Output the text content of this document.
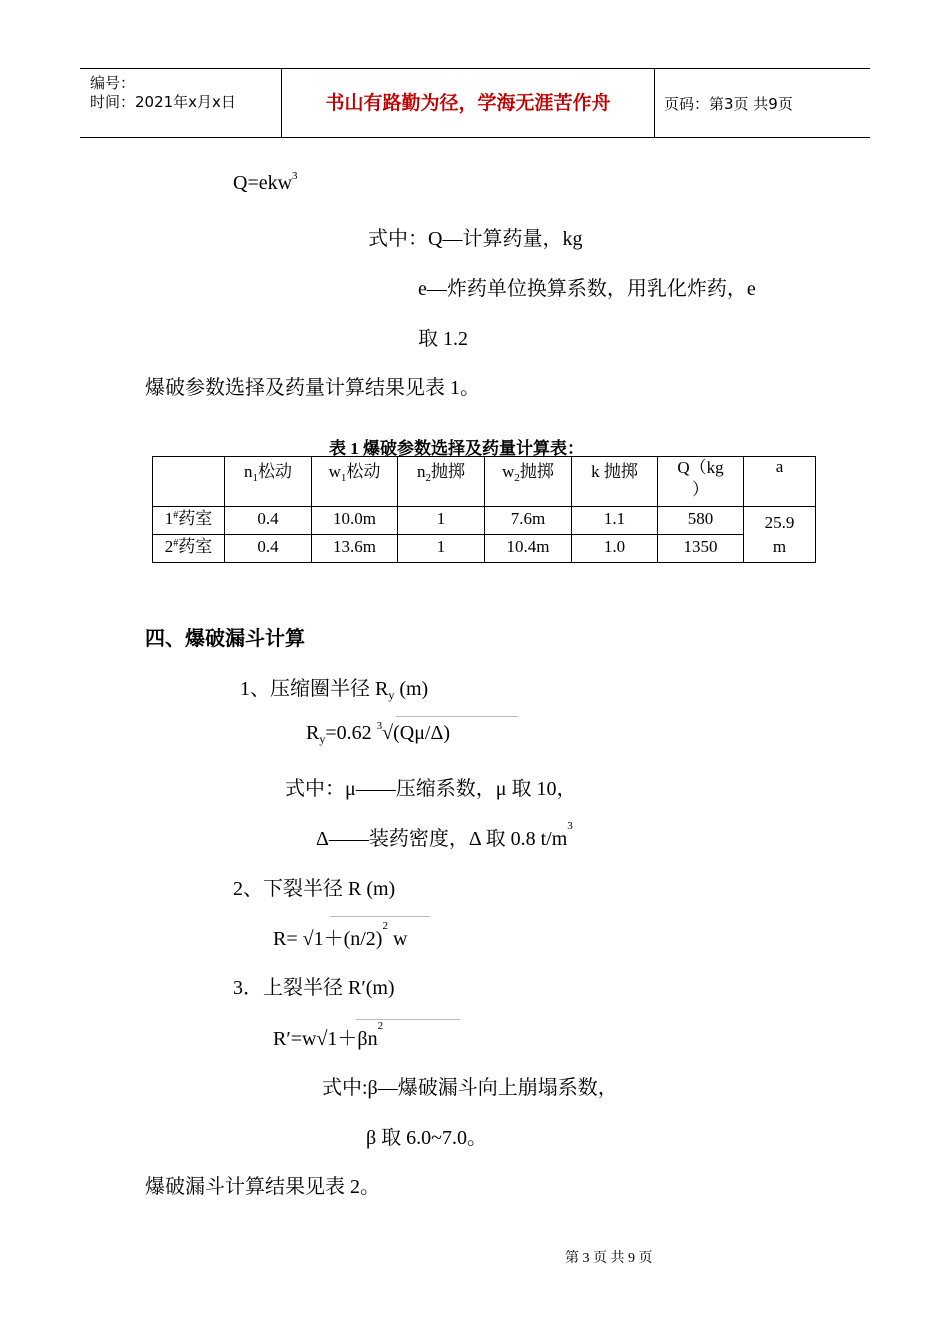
编号：
时间：2021年x月x日	书山有路勤为径，学海无涯苦作舟	页码：第3页 共9页
Q=ekw$^3$
式中：Q—计算药量，kg
e—炸药单位换算系数，用乳化炸药，e
取 1.2
爆破参数选择及药量计算结果见表 1。
表 1 爆破参数选择及药量计算表：
	$n_1$松动	$w_1$松动	$n_2$抛掷	$w_2$抛掷	k 抛掷	Q（kg
）	a
1#药室	0.4	10.0m	1	7.6m	1.1	580	25.9
m

2#药室	0.4	13.6m	1	10.4m	1.0	1350	
四、爆破漏斗计算
1、压缩圈半径 $R_y$ (m)
$R_y=0.62$ $^3$√(Qμ/Δ)
式中：μ——压缩系数，μ 取 10，
Δ——装药密度，Δ 取 0.8 $t/m^3$
2、下裂半径 R (m)
$R= √1+(n/2)^2$ w
3．上裂半径 R′(m)
$R'=w√1+\beta n^2$
式中:β—爆破漏斗向上崩塌系数，
β 取 6.0~7.0。
爆破漏斗计算结果见表 2。
第 3 页 共 9 页
